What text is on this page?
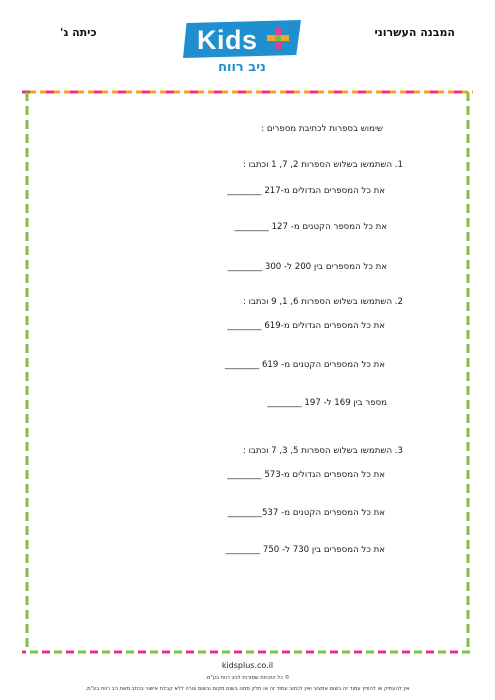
המבנה העשרוני
כיתה ג'	Kids
ניב רווח
שימוש בספרות לכתיבת מספרים :
1. השתמשו בשלוש הספרות 2, 7, 1 וכתבו :
את כל המספרים הגדולים מ-217 ________
את כל המספר הקטנים מ- 127 ________
את כל המספרים בין 200 ל- 300 ________
2. השתמשו בשלוש הספרות 6, 1, 9 וכתבו :
את כל המספרים הגדולים מ-619 ________
את כל המספרים הקטנים מ- 619 ________
מספר בין 169 ל- 197 ________
3. השתמשו בשלוש הספרות 5, 3, 7 וכתבו :
את כל המספרים הגדולים מ-573 ________
את כל המספרים הקטנים מ- 537________
את כל המספרים בין 730 ל- 750 ________
kidsplus.co.il
© כל הזכויות שמורות לניב רווח בע"מ.
אין להעתיק או להפיץ עמוד זה בשום אמצעי ואין לכתוב עמוד זה או חלק ממנו בשום מקום ובשום צורה ללא קבלת אישור בכתב מאת ניב רווח בע"מ.
